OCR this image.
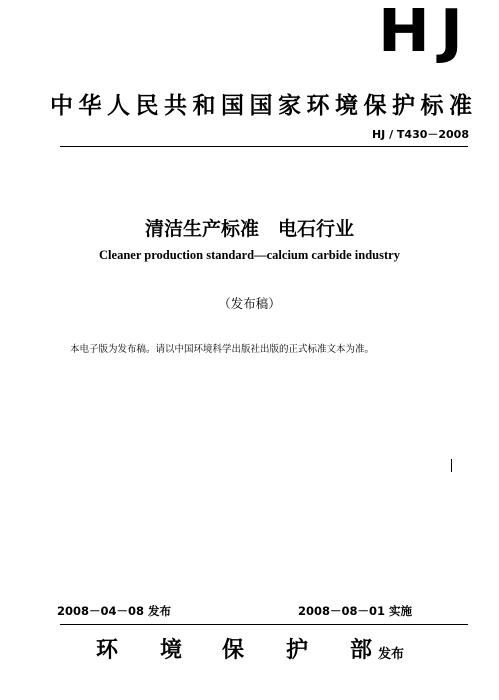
HJ
中华人民共和国国家环境保护标准
HJ / T430－2008
清洁生产标准　电石行业
Cleaner production standard—calcium carbide industry
（发布稿）
本电子版为发布稿。请以中国环境科学出版社出版的正式标准文本为准。
2008－04－08 发布	2008－08－01 实施
环 境 保 护 部 发布
